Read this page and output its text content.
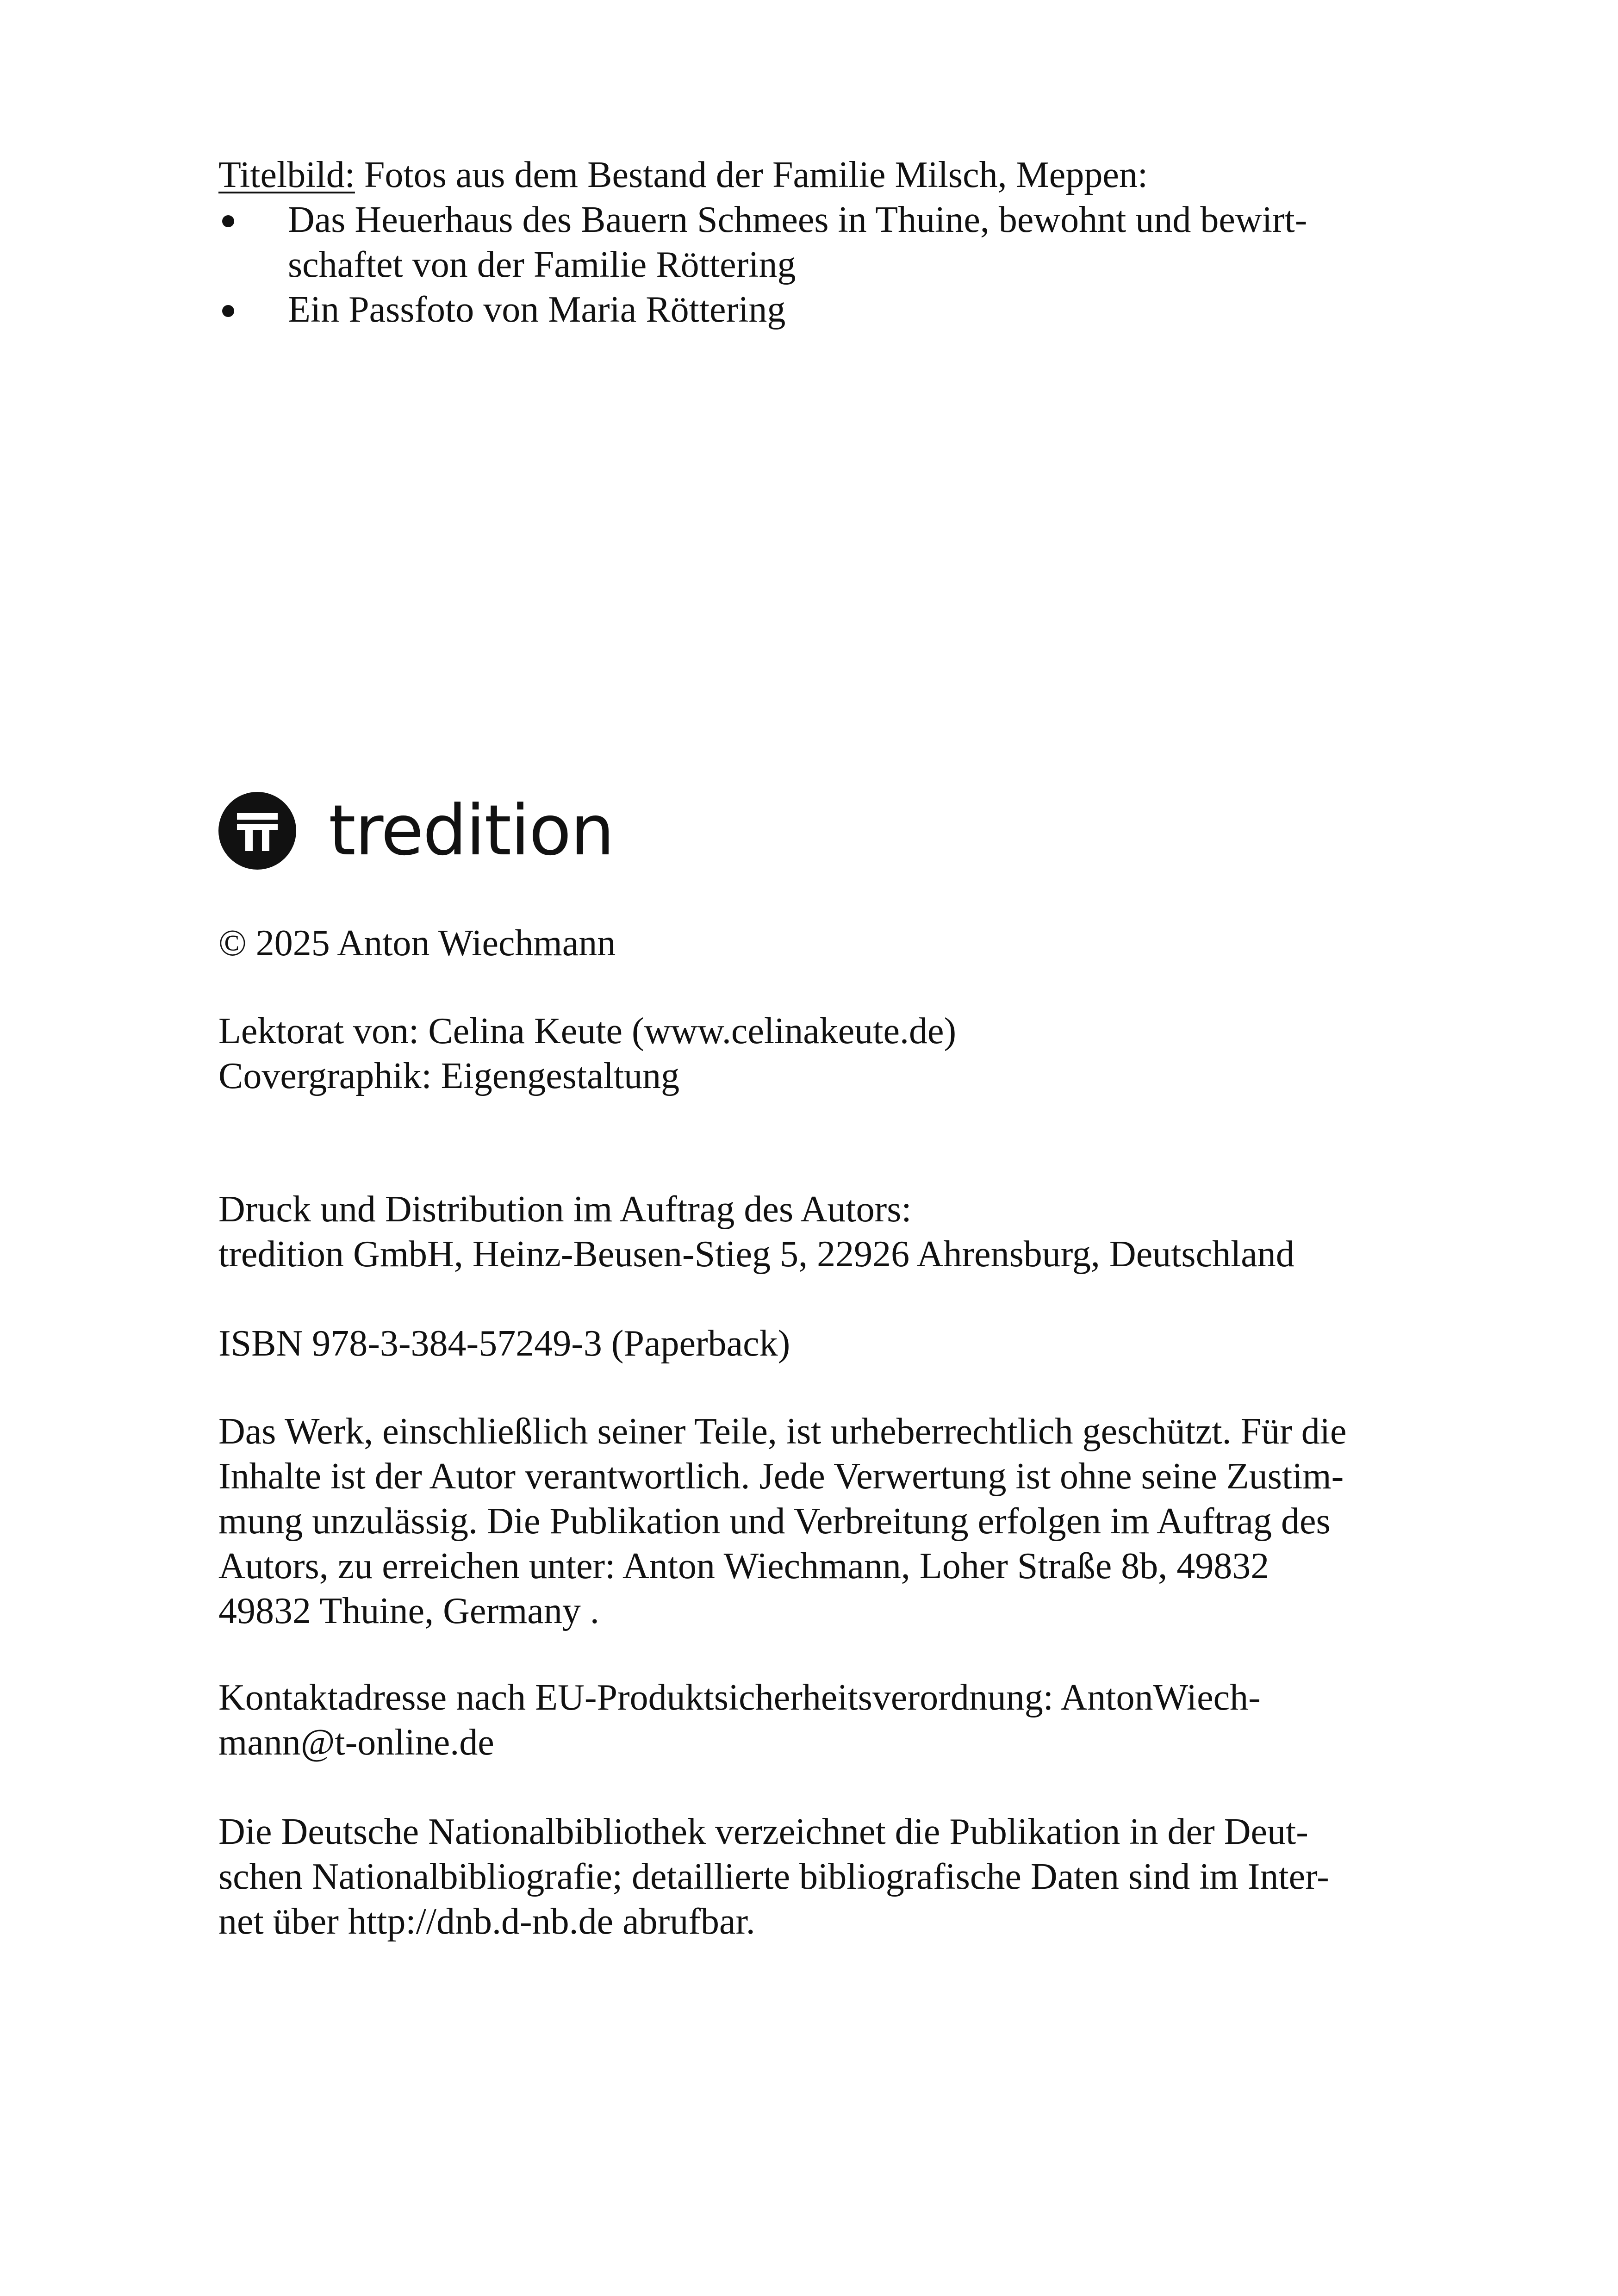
Titelbild: Fotos aus dem Bestand der Familie Milsch, Meppen:
Das Heuerhaus des Bauern Schmees in Thuine, bewohnt und bewirt-
schaftet von der Familie Röttering
Ein Passfoto von Maria Röttering
tredition
© 2025 Anton Wiechmann
Lektorat von: Celina Keute (www.celinakeute.de)
Covergraphik: Eigengestaltung
Druck und Distribution im Auftrag des Autors:
tredition GmbH, Heinz-Beusen-Stieg 5, 22926 Ahrensburg, Deutschland
ISBN 978-3-384-57249-3 (Paperback)
Das Werk, einschließlich seiner Teile, ist urheberrechtlich geschützt. Für die
Inhalte ist der Autor verantwortlich. Jede Verwertung ist ohne seine Zustim-
mung unzulässig. Die Publikation und Verbreitung erfolgen im Auftrag des
Autors, zu erreichen unter: Anton Wiechmann, Loher Straße 8b, 49832
49832 Thuine, Germany .
Kontaktadresse nach EU-Produktsicherheitsverordnung: AntonWiech-
mann@t-online.de
Die Deutsche Nationalbibliothek verzeichnet die Publikation in der Deut-
schen Nationalbibliografie; detaillierte bibliografische Daten sind im Inter-
net über http://dnb.d-nb.de abrufbar.
